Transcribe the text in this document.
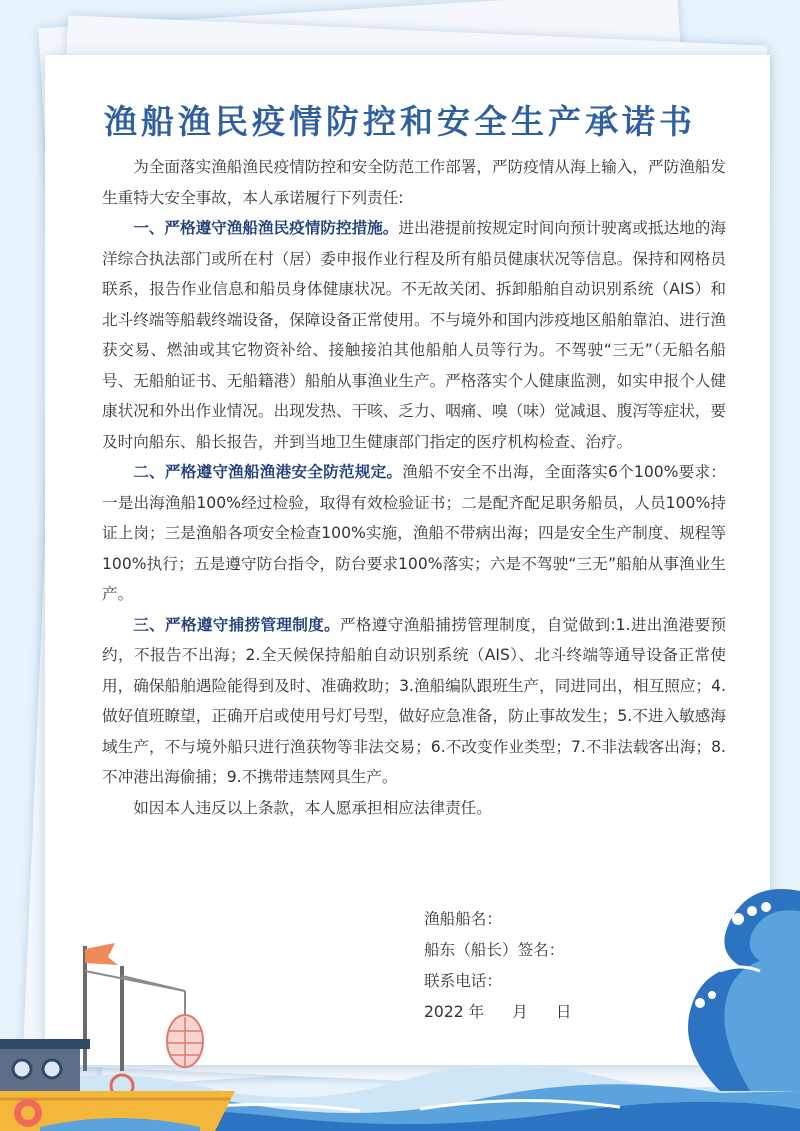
渔船渔民疫情防控和安全生产承诺书

为全面落实渔船渔民疫情防控和安全防范工作部署，严防疫情从海上输入，严防渔船发生重特大安全事故，本人承诺履行下列责任:

一、严格遵守渔船渔民疫情防控措施。进出港提前按规定时间向预计驶离或抵达地的海洋综合执法部门或所在村（居）委申报作业行程及所有船员健康状况等信息。保持和网格员联系，报告作业信息和船员身体健康状况。不无故关闭、拆卸船舶自动识别系统（AIS）和北斗终端等船载终端设备，保障设备正常使用。不与境外和国内涉疫地区船舶靠泊、进行渔获交易、燃油或其它物资补给、接触接泊其他船舶人员等行为。不驾驶“三无”（无船名船号、无船舶证书、无船籍港）船舶从事渔业生产。严格落实个人健康监测，如实申报个人健康状况和外出作业情况。出现发热、干咳、乏力、咽痛、嗅（味）觉减退、腹泻等症状，要及时向船东、船长报告，并到当地卫生健康部门指定的医疗机构检查、治疗。

二、严格遵守渔船渔港安全防范规定。渔船不安全不出海，全面落实6个100%要求：一是出海渔船100%经过检验，取得有效检验证书；二是配齐配足职务船员，人员100%持证上岗；三是渔船各项安全检查100%实施，渔船不带病出海；四是安全生产制度、规程等100%执行；五是遵守防台指令，防台要求100%落实；六是不驾驶“三无”船舶从事渔业生产。

三、严格遵守捕捞管理制度。严格遵守渔船捕捞管理制度，自觉做到:1.进出渔港要预约，不报告不出海；2.全天候保持船舶自动识别系统（AIS）、北斗终端等通导设备正常使用，确保船舶遇险能得到及时、准确救助；3.渔船编队跟班生产，同进同出，相互照应；4.做好值班瞭望，正确开启或使用号灯号型，做好应急准备，防止事故发生；5.不进入敏感海域生产，不与境外船只进行渔获物等非法交易；6.不改变作业类型；7.不非法载客出海；8.不冲港出海偷捕；9.不携带违禁网具生产。

如因本人违反以上条款，本人愿承担相应法律责任。

渔船船名：
船东（船长）签名：
联系电话：
2022 年 月 日
